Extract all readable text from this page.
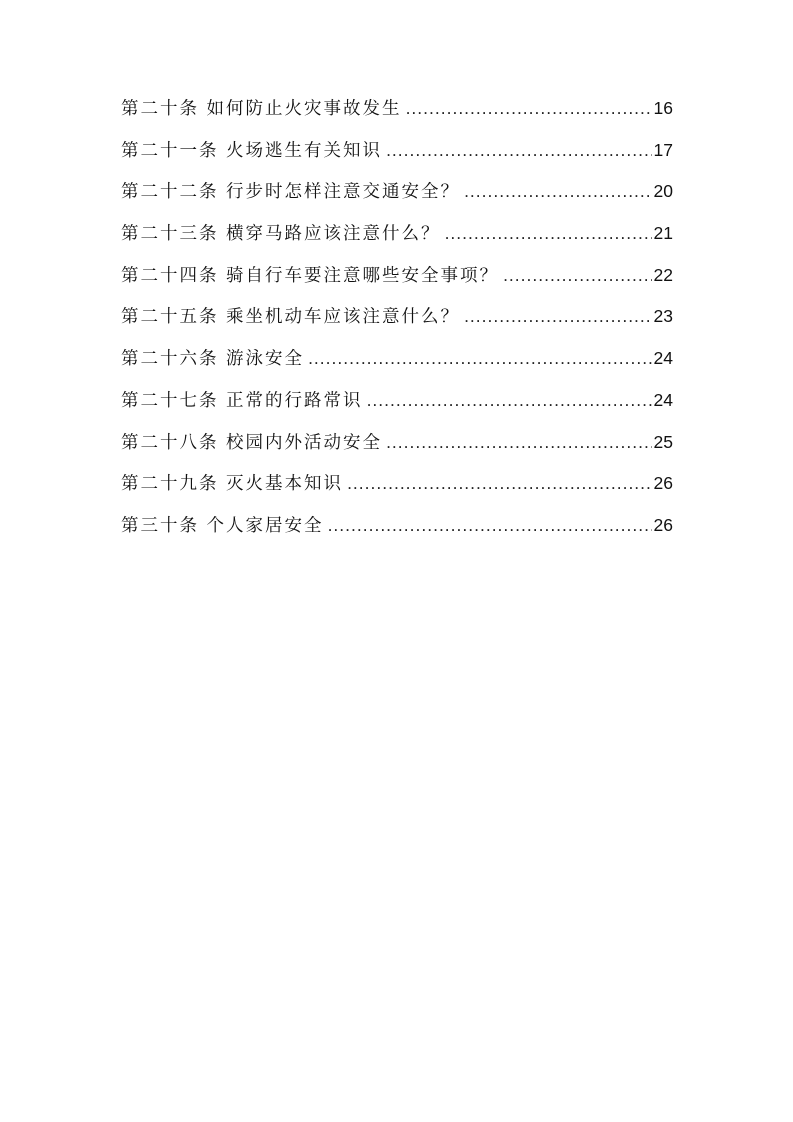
第二十条 如何防止火灾事故发生 .....	16
第二十一条 火场逃生有关知识 .....	17
第二十二条 行步时怎样注意交通安全？ .....	20
第二十三条 横穿马路应该注意什么？ .....	21
第二十四条 骑自行车要注意哪些安全事项？ .....	22
第二十五条 乘坐机动车应该注意什么？ .....	23
第二十六条 游泳安全 .....	24
第二十七条 正常的行路常识 .....	24
第二十八条 校园内外活动安全 .....	25
第二十九条 灭火基本知识 .....	26
第三十条 个人家居安全 .....	26
